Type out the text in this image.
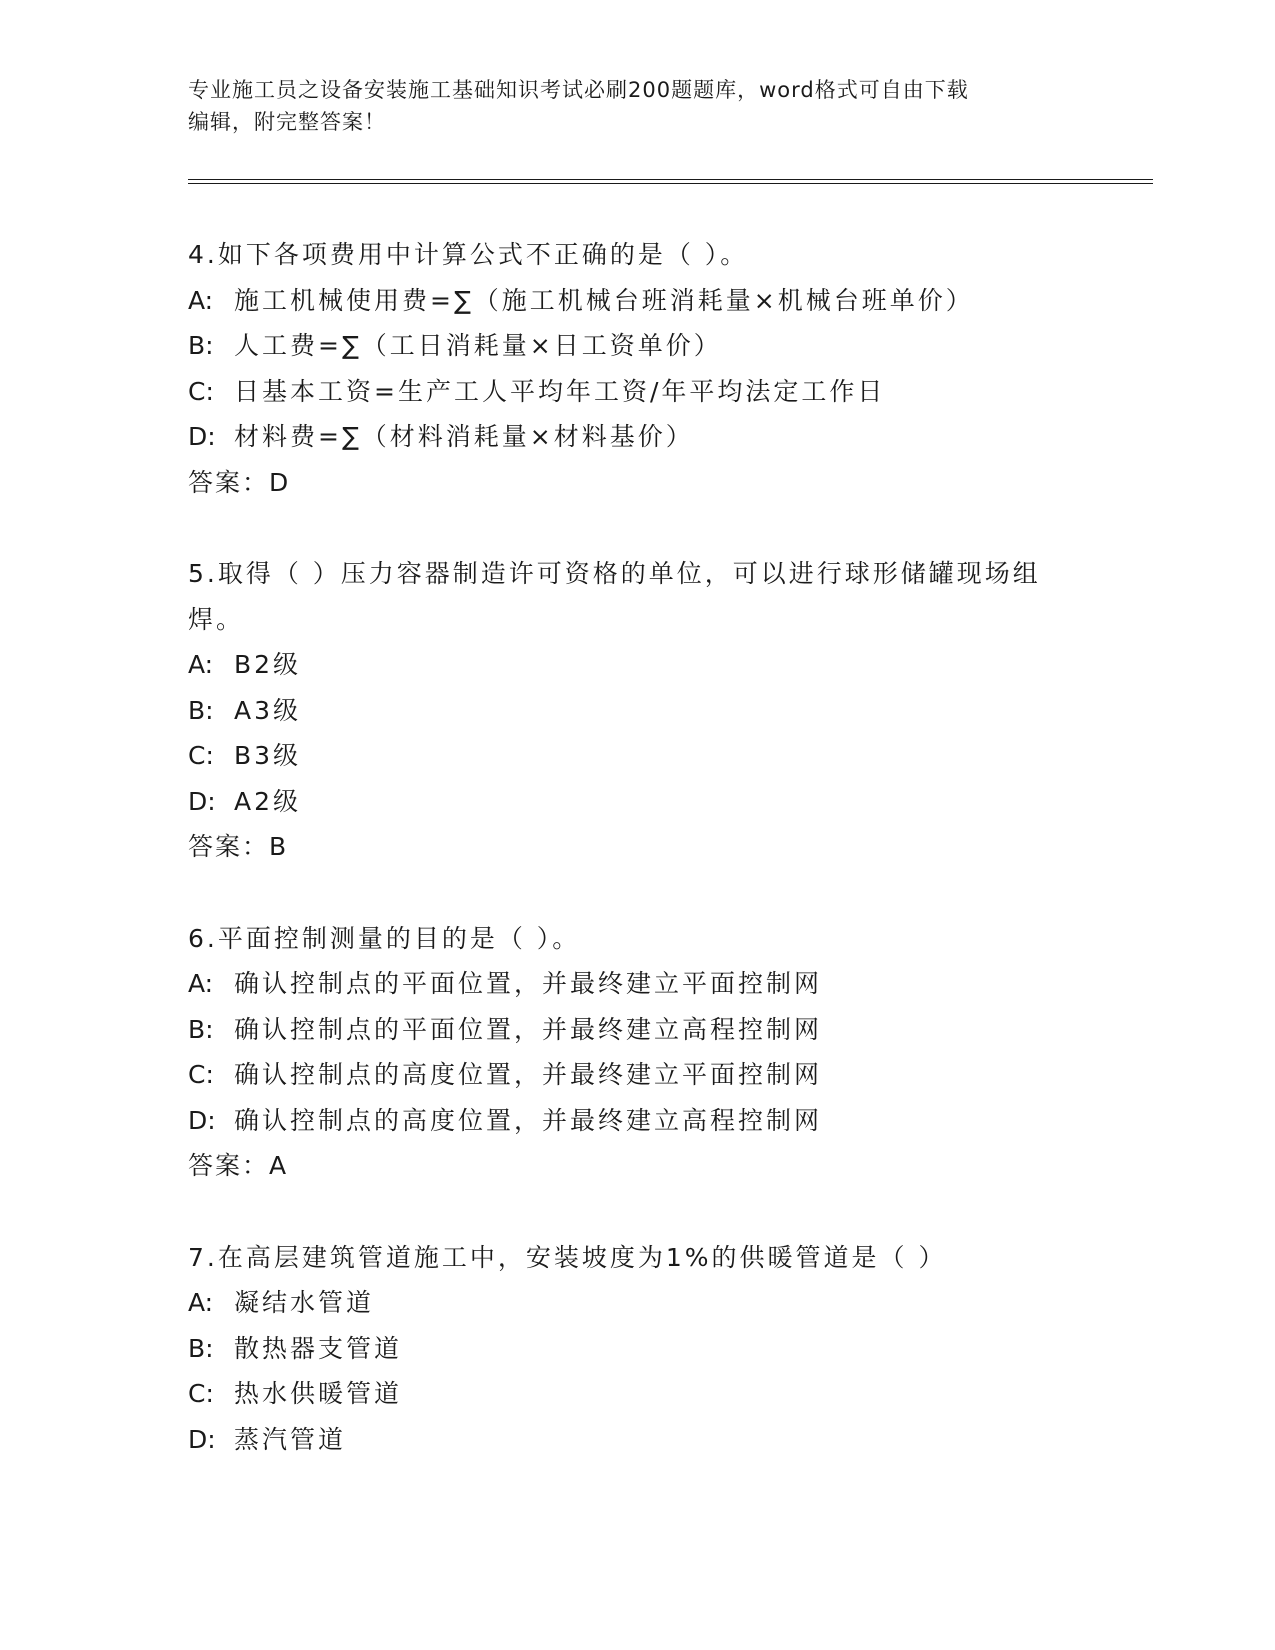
专业施工员之设备安装施工基础知识考试必刷200题题库，word格式可自由下载
编辑，附完整答案！
4.如下各项费用中计算公式不正确的是（ ）。
A: 施工机械使用费=∑（施工机械台班消耗量×机械台班单价）
B: 人工费=∑（工日消耗量×日工资单价）
C: 日基本工资=生产工人平均年工资/年平均法定工作日
D: 材料费=∑（材料消耗量×材料基价）
答案：D
5.取得（ ）压力容器制造许可资格的单位，可以进行球形储罐现场组焊。
A: B2级
B: A3级
C: B3级
D: A2级
答案：B
6.平面控制测量的目的是（ ）。
A: 确认控制点的平面位置，并最终建立平面控制网
B: 确认控制点的平面位置，并最终建立高程控制网
C: 确认控制点的高度位置，并最终建立平面控制网
D: 确认控制点的高度位置，并最终建立高程控制网
答案：A
7.在高层建筑管道施工中，安装坡度为1%的供暖管道是（ ）
A: 凝结水管道
B: 散热器支管道
C: 热水供暖管道
D: 蒸汽管道
